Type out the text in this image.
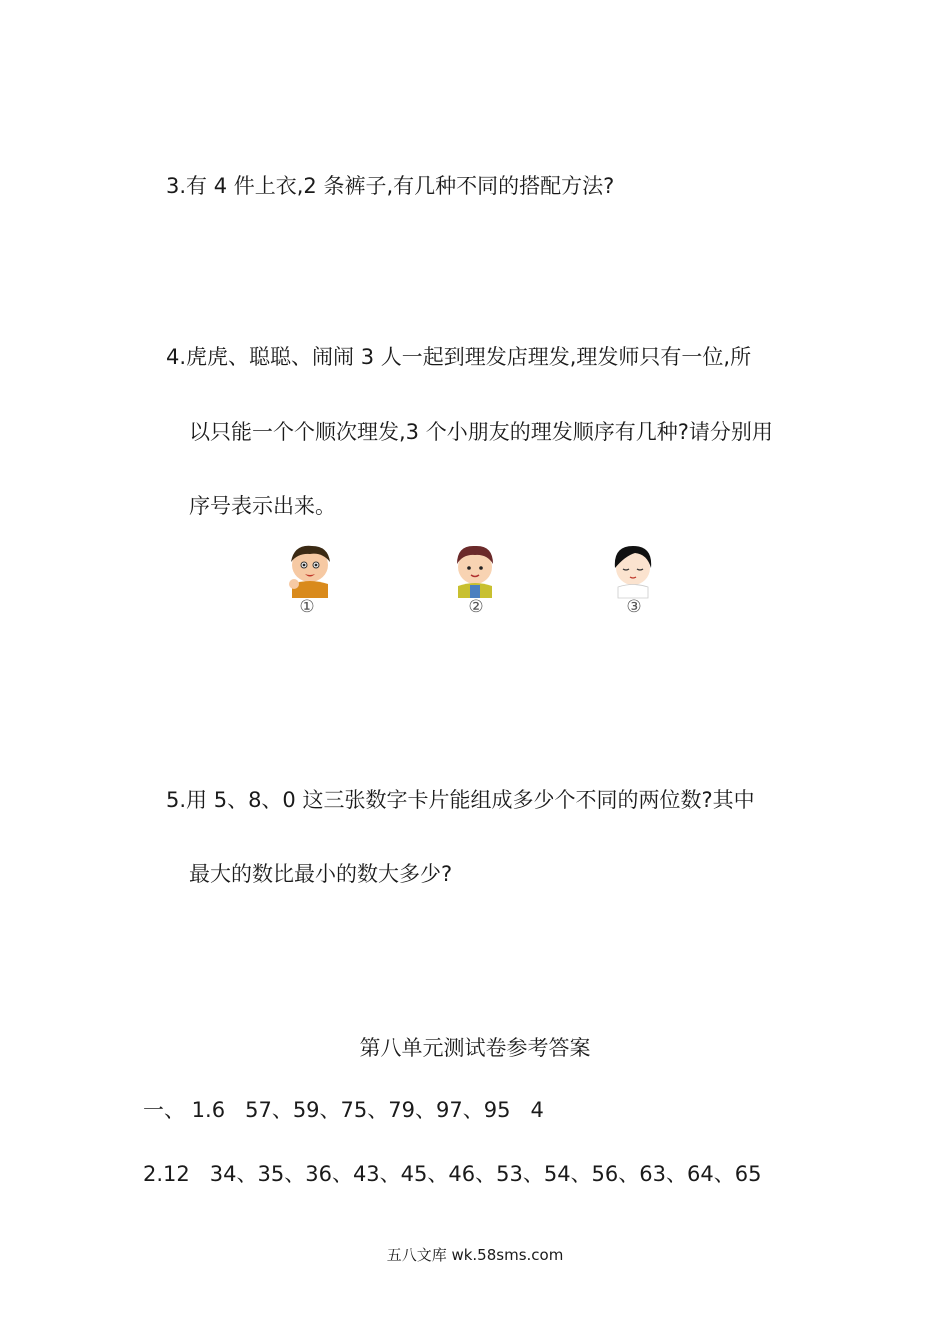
3.有 4 件上衣,2 条裤子,有几种不同的搭配方法?
4.虎虎、聪聪、闹闹 3 人一起到理发店理发,理发师只有一位,所
以只能一个个顺次理发,3 个小朋友的理发顺序有几种?请分别用
序号表示出来。
①	②	③
5.用 5、8、0 这三张数字卡片能组成多少个不同的两位数?其中
最大的数比最小的数大多少?
第八单元测试卷参考答案
一、 1.6   57、59、75、79、97、95   4
2.12   34、35、36、43、45、46、53、54、56、63、64、65
五八文库 wk.58sms.com
